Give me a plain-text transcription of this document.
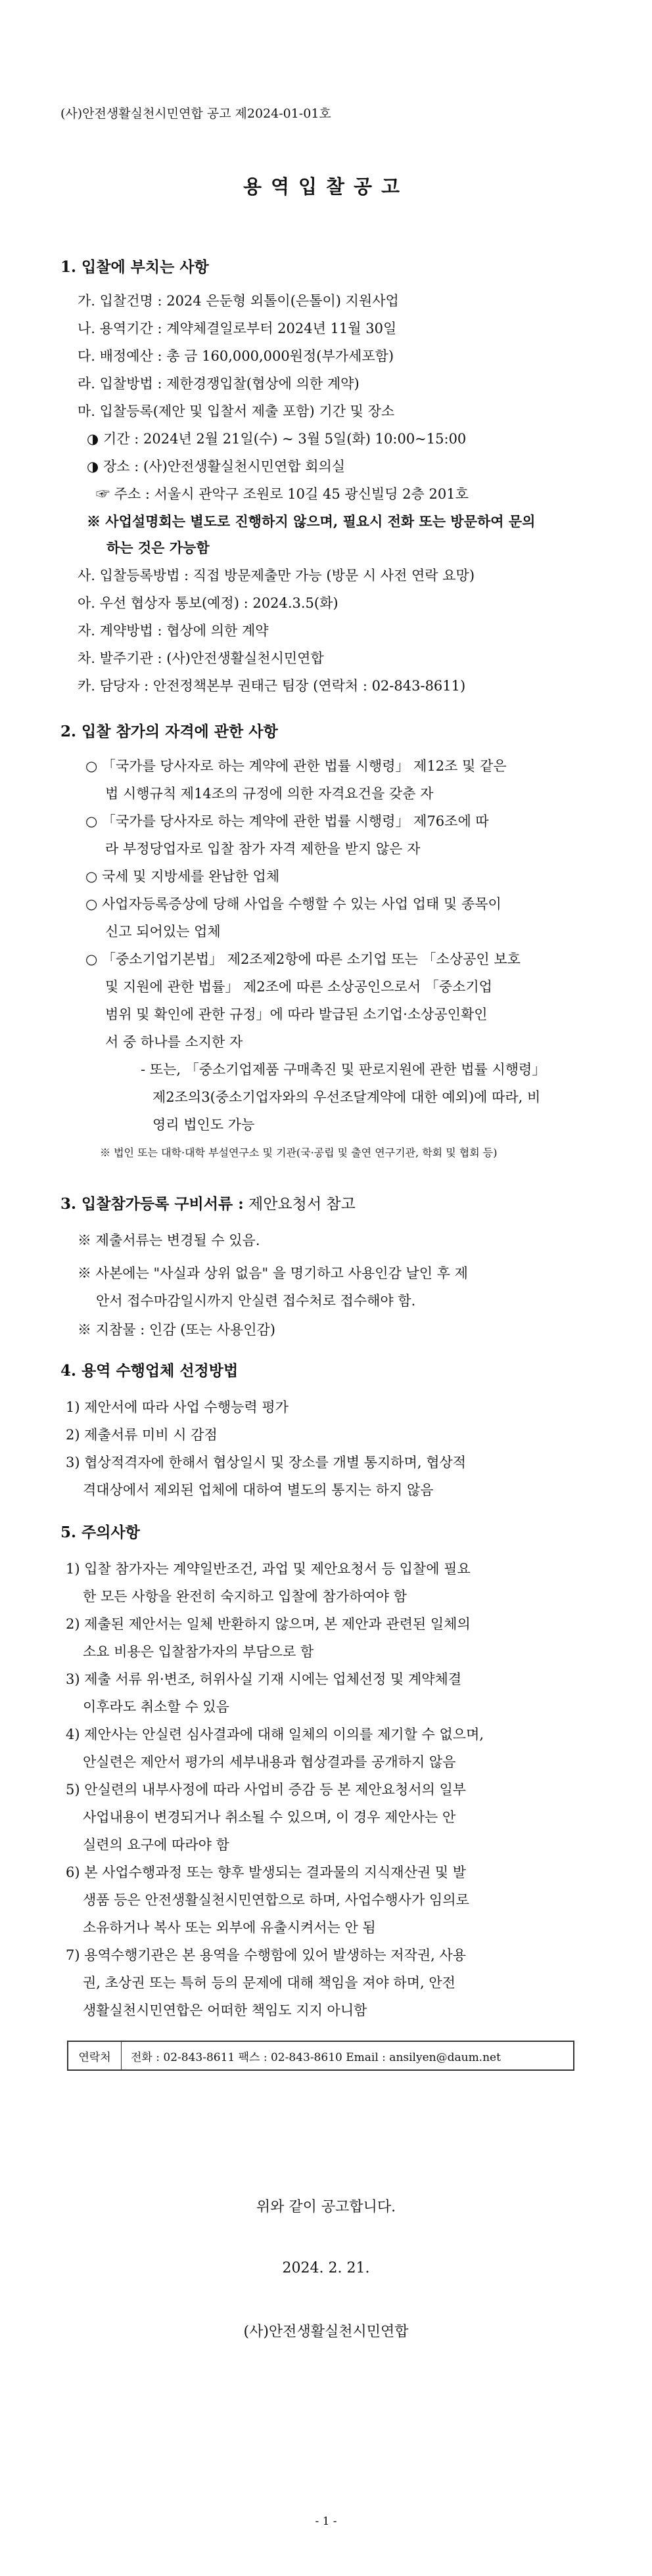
(사)안전생활실천시민연합 공고 제2024-01-01호
용역입찰공고
1. 입찰에 부치는 사항
가. 입찰건명 : 2024 은둔형 외톨이(은톨이) 지원사업
나. 용역기간 : 계약체결일로부터 2024년 11월 30일
다. 배정예산 : 총 금 160,000,000원정(부가세포함)
라. 입찰방법 : 제한경쟁입찰(협상에 의한 계약)
마. 입찰등록(제안 및 입찰서 제출 포함) 기간 및 장소
◑ 기간 : 2024년 2월 21일(수) ~ 3월 5일(화) 10:00~15:00
◑ 장소 : (사)안전생활실천시민연합 회의실
☞ 주소 : 서울시 관악구 조원로 10길 45 광신빌딩 2층 201호
※ 사업설명회는 별도로 진행하지 않으며, 필요시 전화 또는 방문하여 문의
하는 것은 가능함
사. 입찰등록방법 : 직접 방문제출만 가능 (방문 시 사전 연락 요망)
아. 우선 협상자 통보(예정) : 2024.3.5(화)
자. 계약방법 : 협상에 의한 계약
차. 발주기관 : (사)안전생활실천시민연합
카. 담당자 : 안전정책본부 권태근 팀장 (연락처 : 02-843-8611)
2. 입찰 참가의 자격에 관한 사항
○ 「국가를 당사자로 하는 계약에 관한 법률 시행령」 제12조 및 같은
법 시행규칙 제14조의 규정에 의한 자격요건을 갖춘 자
○ 「국가를 당사자로 하는 계약에 관한 법률 시행령」 제76조에 따
라 부정당업자로 입찰 참가 자격 제한을 받지 않은 자
○ 국세 및 지방세를 완납한 업체
○ 사업자등록증상에 당해 사업을 수행할 수 있는 사업 업태 및 종목이
신고 되어있는 업체
○ 「중소기업기본법」 제2조제2항에 따른 소기업 또는 「소상공인 보호
및 지원에 관한 법률」 제2조에 따른 소상공인으로서 「중소기업
범위 및 확인에 관한 규정」에 따라 발급된 소기업·소상공인확인
서 중 하나를 소지한 자
- 또는, 「중소기업제품 구매촉진 및 판로지원에 관한 법률 시행령」
제2조의3(중소기업자와의 우선조달계약에 대한 예외)에 따라, 비
영리 법인도 가능
※ 법인 또는 대학·대학 부설연구소 및 기관(국·공립 및 출연 연구기관, 학회 및 협회 등)
3. 입찰참가등록 구비서류 : 제안요청서 참고
※ 제출서류는 변경될 수 있음.
※ 사본에는 "사실과 상위 없음" 을 명기하고 사용인감 날인 후 제
안서 접수마감일시까지 안실련 접수처로 접수해야 함.
※ 지참물 : 인감 (또는 사용인감)
4. 용역 수행업체 선정방법
1) 제안서에 따라 사업 수행능력 평가
2) 제출서류 미비 시 감점
3) 협상적격자에 한해서 협상일시 및 장소를 개별 통지하며, 협상적
격대상에서 제외된 업체에 대하여 별도의 통지는 하지 않음
5. 주의사항
1) 입찰 참가자는 계약일반조건, 과업 및 제안요청서 등 입찰에 필요
한 모든 사항을 완전히 숙지하고 입찰에 참가하여야 함
2) 제출된 제안서는 일체 반환하지 않으며, 본 제안과 관련된 일체의
소요 비용은 입찰참가자의 부담으로 함
3) 제출 서류 위·변조, 허위사실 기재 시에는 업체선정 및 계약체결
이후라도 취소할 수 있음
4) 제안사는 안실련 심사결과에 대해 일체의 이의를 제기할 수 없으며,
안실련은 제안서 평가의 세부내용과 협상결과를 공개하지 않음
5) 안실련의 내부사정에 따라 사업비 증감 등 본 제안요청서의 일부
사업내용이 변경되거나 취소될 수 있으며, 이 경우 제안사는 안
연락처	전화 : 02-843-8611 팩스 : 02-843-8610 Email : ansilyen@daum.net
실련의 요구에 따라야 함
6) 본 사업수행과정 또는 향후 발생되는 결과물의 지식재산권 및 발
생품 등은 안전생활실천시민연합으로 하며, 사업수행사가 임의로
소유하거나 복사 또는 외부에 유출시켜서는 안 됨
7) 용역수행기관은 본 용역을 수행함에 있어 발생하는 저작권, 사용
권, 초상권 또는 특허 등의 문제에 대해 책임을 져야 하며, 안전
위와 같이 공고합니다.
2024. 2. 21.
(사)안전생활실천시민연합
- 1 -
생활실천시민연합은 어떠한 책임도 지지 아니함
